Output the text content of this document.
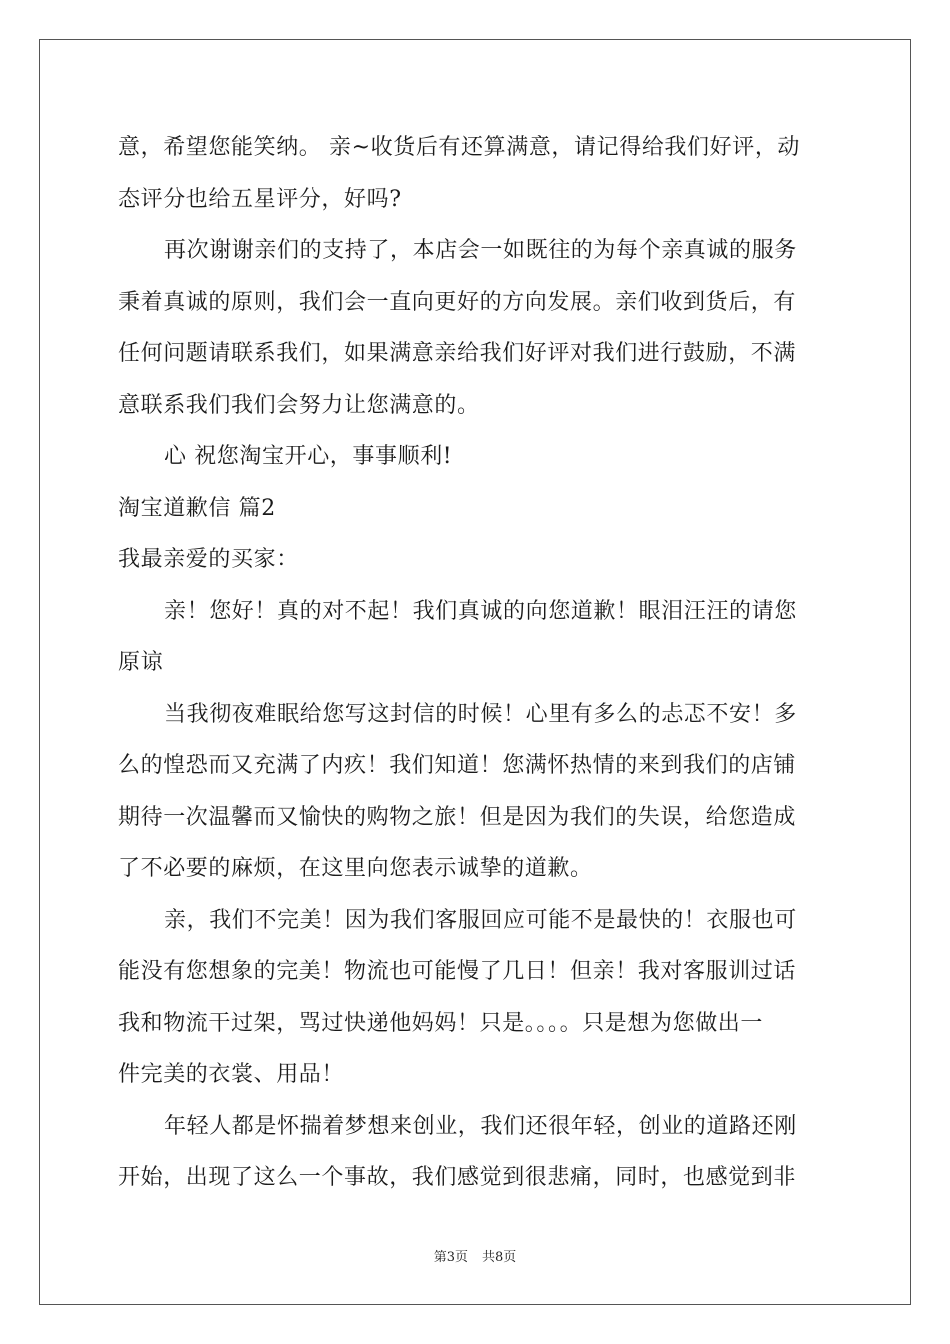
意，希望您能笑纳。 亲~收货后有还算满意，请记得给我们好评，动
态评分也给五星评分，好吗?
再次谢谢亲们的支持了，本店会一如既往的为每个亲真诚的服务
秉着真诚的原则，我们会一直向更好的方向发展。亲们收到货后，有
任何问题请联系我们，如果满意亲给我们好评对我们进行鼓励，不满
意联系我们我们会努力让您满意的。
心 祝您淘宝开心，事事顺利!
淘宝道歉信 篇2
我最亲爱的买家：
亲！您好！真的对不起！我们真诚的向您道歉！眼泪汪汪的请您
原谅
当我彻夜难眠给您写这封信的时候！心里有多么的忐忑不安！多
么的惶恐而又充满了内疚！我们知道！您满怀热情的来到我们的店铺
期待一次温馨而又愉快的购物之旅！但是因为我们的失误，给您造成
了不必要的麻烦，在这里向您表示诚挚的道歉。
亲，我们不完美！因为我们客服回应可能不是最快的！衣服也可
能没有您想象的完美！物流也可能慢了几日！但亲！我对客服训过话
我和物流干过架，骂过快递他妈妈！只是。。。。只是想为您做出一
件完美的衣裳、用品！
年轻人都是怀揣着梦想来创业，我们还很年轻，创业的道路还刚
开始，出现了这么一个事故，我们感觉到很悲痛，同时，也感觉到非
第3页 共8页
